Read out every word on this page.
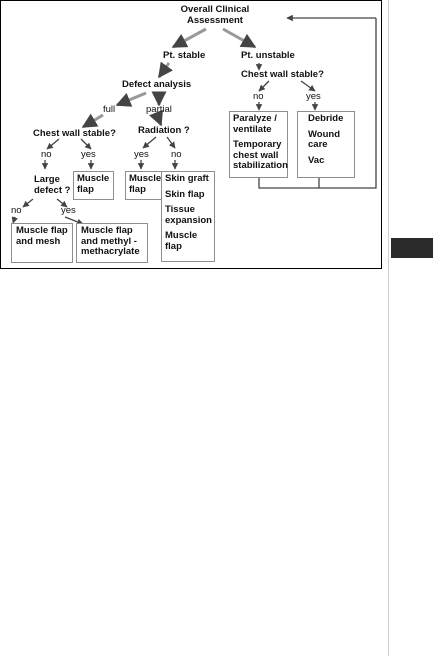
Overall Clinical
Assessment
Pt. stable	Pt. unstable
Defect analysis
Chest wall stable?
no	yes
full	partial
Chest wall stable? Radiation ?
no	yes	yes no
Large
defect ?
Muscle
flap
Muscle
flap
Skin graft
Skin flap
Tissue
expansion
Muscle
flap
no	yes
Muscle flap
and mesh
Muscle flap
and methyl -
methacrylate
Paralyze /
ventilate
Temporary
chest wall
stabilization
Debride
Wound
care
Vac
